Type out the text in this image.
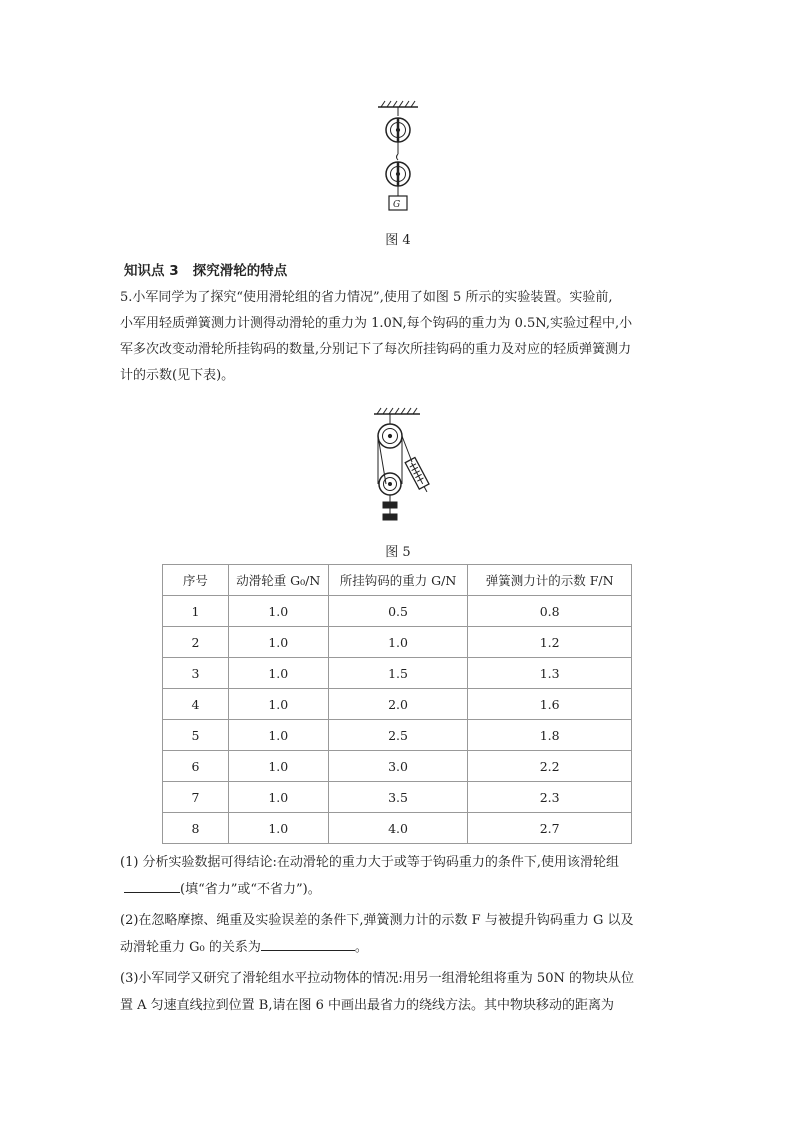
G
图 4
知识点 3   探究滑轮的特点

5.小军同学为了探究“使用滑轮组的省力情况”,使用了如图 5 所示的实验装置。实验前,

小军用轻质弹簧测力计测得动滑轮的重力为 1.0N,每个钩码的重力为 0.5N,实验过程中,小

军多次改变动滑轮所挂钩码的数量,分别记下了每次所挂钩码的重力及对应的轻质弹簧测力

计的示数(见下表)。

图 5
序号	动滑轮重 G₀/N	所挂钩码的重力 G/N	弹簧测力计的示数 F/N
1	1.0	0.5	0.8
2	1.0	1.0	1.2
3	1.0	1.5	1.3
4	1.0	2.0	1.6
5	1.0	2.5	1.8
6	1.0	3.0	2.2
7	1.0	3.5	2.3
8	1.0	4.0	2.7

(1) 分析实验数据可得结论:在动滑轮的重力大于或等于钩码重力的条件下,使用该滑轮组

(填“省力”或“不省力”)。

(2)在忽略摩擦、绳重及实验误差的条件下,弹簧测力计的示数 F 与被提升钩码重力 G 以及

动滑轮重力 G₀ 的关系为	。

(3)小军同学又研究了滑轮组水平拉动物体的情况:用另一组滑轮组将重为 50N 的物块从位

置 A 匀速直线拉到位置 B,请在图 6 中画出最省力的绕线方法。其中物块移动的距离为
